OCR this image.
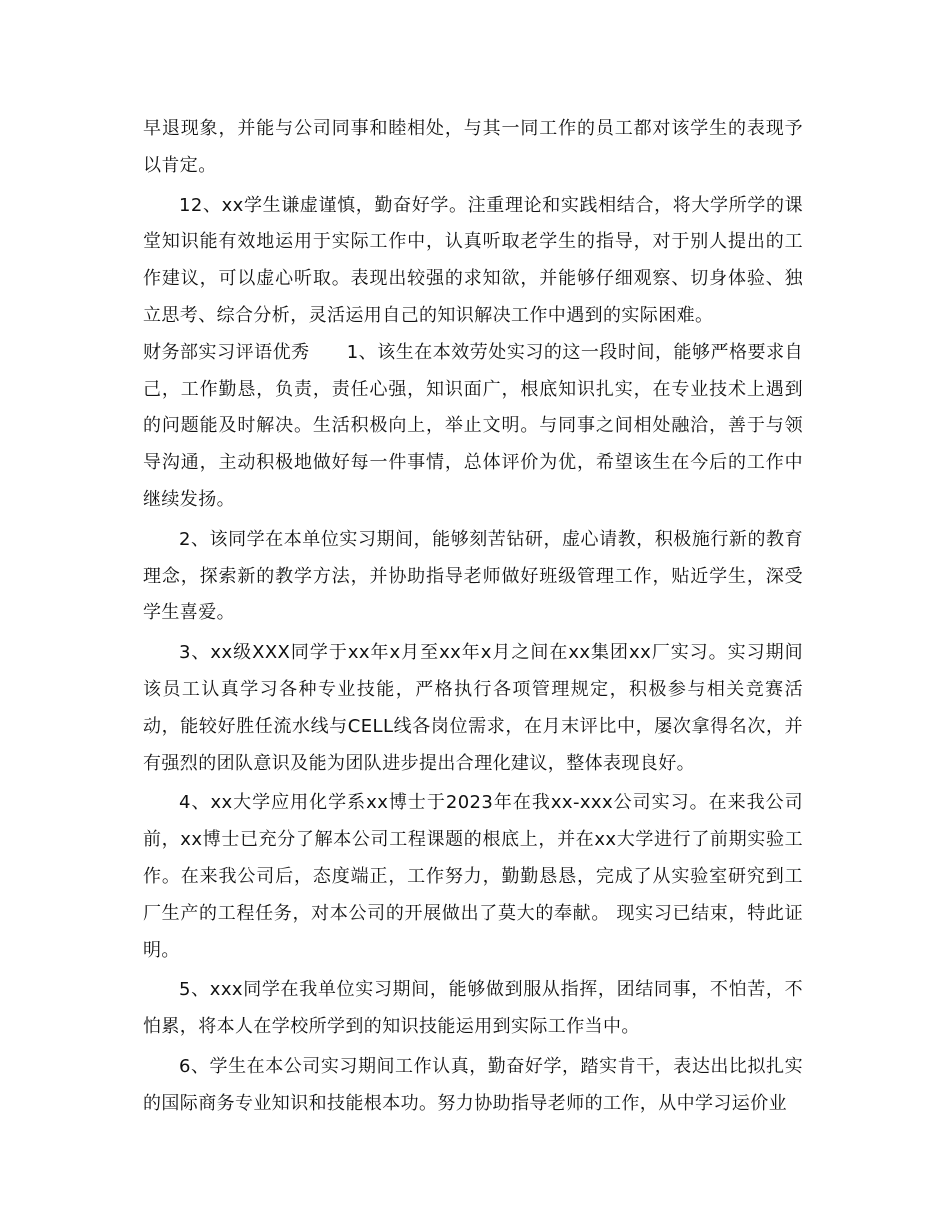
早退现象，并能与公司同事和睦相处，与其一同工作的员工都对该学生的表现予以肯定。

12、xx学生谦虚谨慎，勤奋好学。注重理论和实践相结合，将大学所学的课堂知识能有效地运用于实际工作中，认真听取老学生的指导，对于别人提出的工作建议，可以虚心听取。表现出较强的求知欲，并能够仔细观察、切身体验、独立思考、综合分析，灵活运用自己的知识解决工作中遇到的实际困难。

财务部实习评语优秀　　1、该生在本效劳处实习的这一段时间，能够严格要求自己，工作勤恳，负责，责任心强，知识面广，根底知识扎实，在专业技术上遇到的问题能及时解决。生活积极向上，举止文明。与同事之间相处融洽，善于与领导沟通，主动积极地做好每一件事情，总体评价为优，希望该生在今后的工作中继续发扬。

2、该同学在本单位实习期间，能够刻苦钻研，虚心请教，积极施行新的教育理念，探索新的教学方法，并协助指导老师做好班级管理工作，贴近学生，深受学生喜爱。

3、xx级XXX同学于xx年x月至xx年x月之间在xx集团xx厂实习。实习期间该员工认真学习各种专业技能，严格执行各项管理规定，积极参与相关竞赛活动，能较好胜任流水线与CELL线各岗位需求，在月末评比中，屡次拿得名次，并有强烈的团队意识及能为团队进步提出合理化建议，整体表现良好。

4、xx大学应用化学系xx博士于2023年在我xx-xxx公司实习。在来我公司前，xx博士已充分了解本公司工程课题的根底上，并在xx大学进行了前期实验工作。在来我公司后，态度端正，工作努力，勤勤恳恳，完成了从实验室研究到工厂生产的工程任务，对本公司的开展做出了莫大的奉献。 现实习已结束，特此证明。

5、xxx同学在我单位实习期间，能够做到服从指挥，团结同事，不怕苦，不怕累，将本人在学校所学到的知识技能运用到实际工作当中。

6、学生在本公司实习期间工作认真，勤奋好学，踏实肯干，表达出比拟扎实的国际商务专业知识和技能根本功。努力协助指导老师的工作，从中学习运价业
